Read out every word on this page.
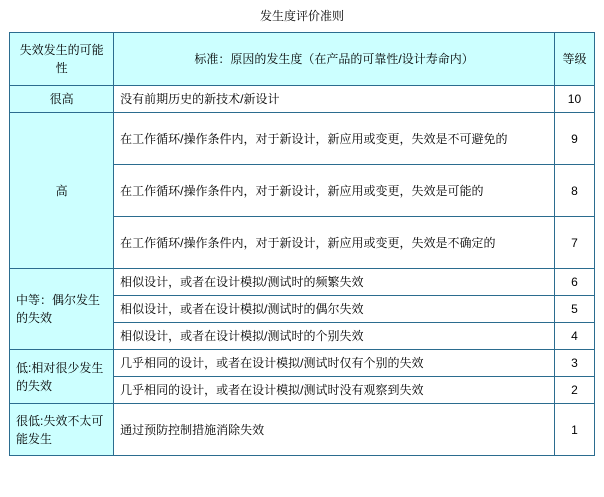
发生度评价准则
失效发生的可能性	标准：原因的发生度（在产品的可靠性/设计寿命内）	等级
很高	没有前期历史的新技术/新设计	10
高	在工作循环/操作条件内，对于新设计，新应用或变更，失效是不可避免的	9
	在工作循环/操作条件内，对于新设计，新应用或变更，失效是可能的	8
	在工作循环/操作条件内，对于新设计，新应用或变更，失效是不确定的	7
中等：偶尔发生的失效	相似设计，或者在设计模拟/测试时的频繁失效	6
	相似设计，或者在设计模拟/测试时的偶尔失效	5
	相似设计，或者在设计模拟/测试时的个别失效	4
低:相对很少发生的失效	几乎相同的设计，或者在设计模拟/测试时仅有个别的失效	3
	几乎相同的设计，或者在设计模拟/测试时没有观察到失效	2
很低:失效不太可能发生	通过预防控制措施消除失效	1
